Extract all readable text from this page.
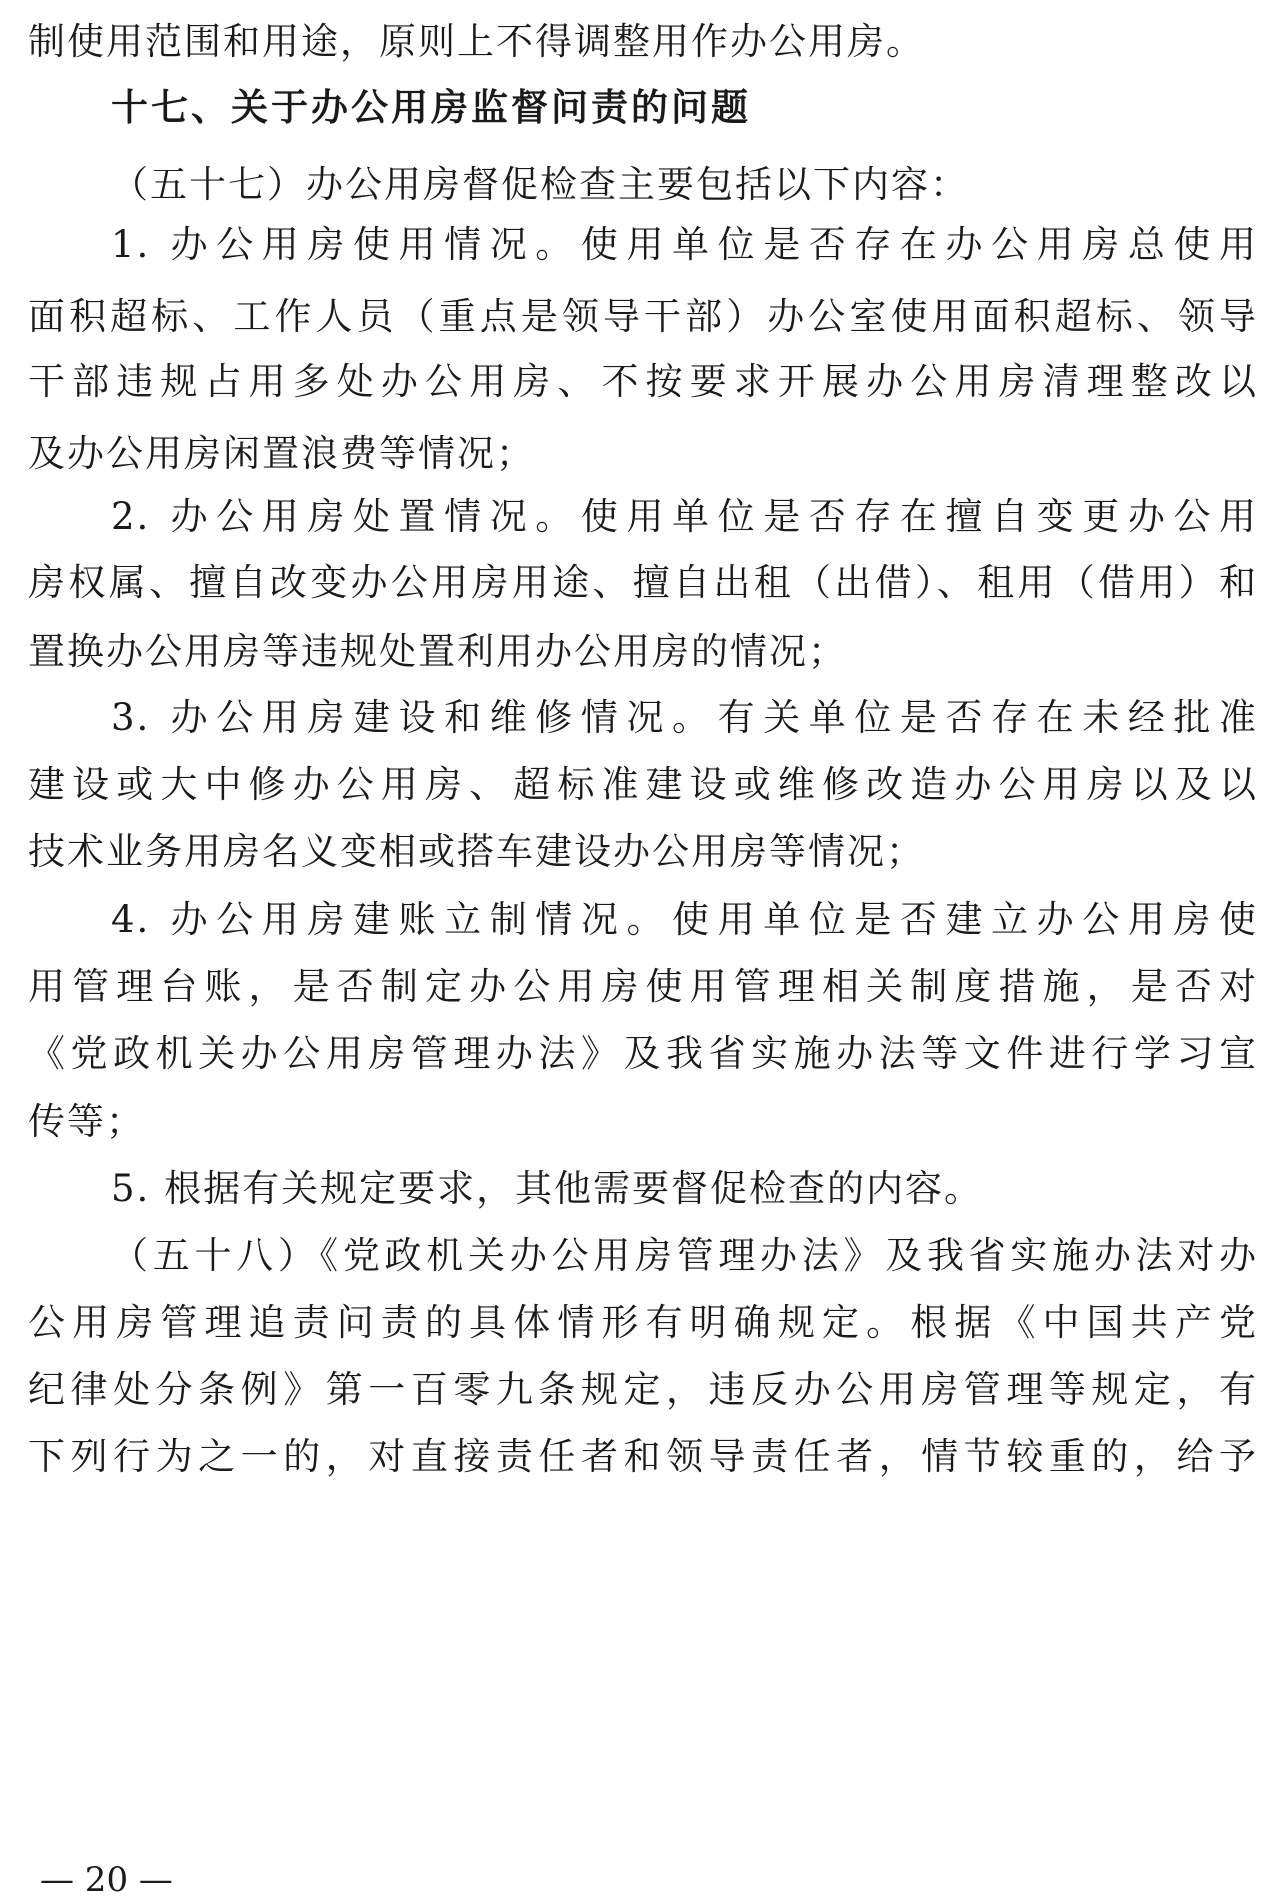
制使用范围和用途，原则上不得调整用作办公用房。
十七、关于办公用房监督问责的问题
（五十七）办公用房督促检查主要包括以下内容：
1. 办公用房使用情况。使用单位是否存在办公用房总使用
面积超标、工作人员（重点是领导干部）办公室使用面积超标、领导
干部违规占用多处办公用房、不按要求开展办公用房清理整改以
及办公用房闲置浪费等情况；
2. 办公用房处置情况。使用单位是否存在擅自变更办公用
房权属、擅自改变办公用房用途、擅自出租（出借）、租用（借用）和
置换办公用房等违规处置利用办公用房的情况；
3. 办公用房建设和维修情况。有关单位是否存在未经批准
建设或大中修办公用房、超标准建设或维修改造办公用房以及以
技术业务用房名义变相或搭车建设办公用房等情况；
4. 办公用房建账立制情况。使用单位是否建立办公用房使
用管理台账，是否制定办公用房使用管理相关制度措施，是否对
《党政机关办公用房管理办法》及我省实施办法等文件进行学习宣
传等；
5. 根据有关规定要求，其他需要督促检查的内容。
（五十八）《党政机关办公用房管理办法》及我省实施办法对办
公用房管理追责问责的具体情形有明确规定。根据《中国共产党
纪律处分条例》第一百零九条规定，违反办公用房管理等规定，有
下列行为之一的，对直接责任者和领导责任者，情节较重的，给予
— 20 —
